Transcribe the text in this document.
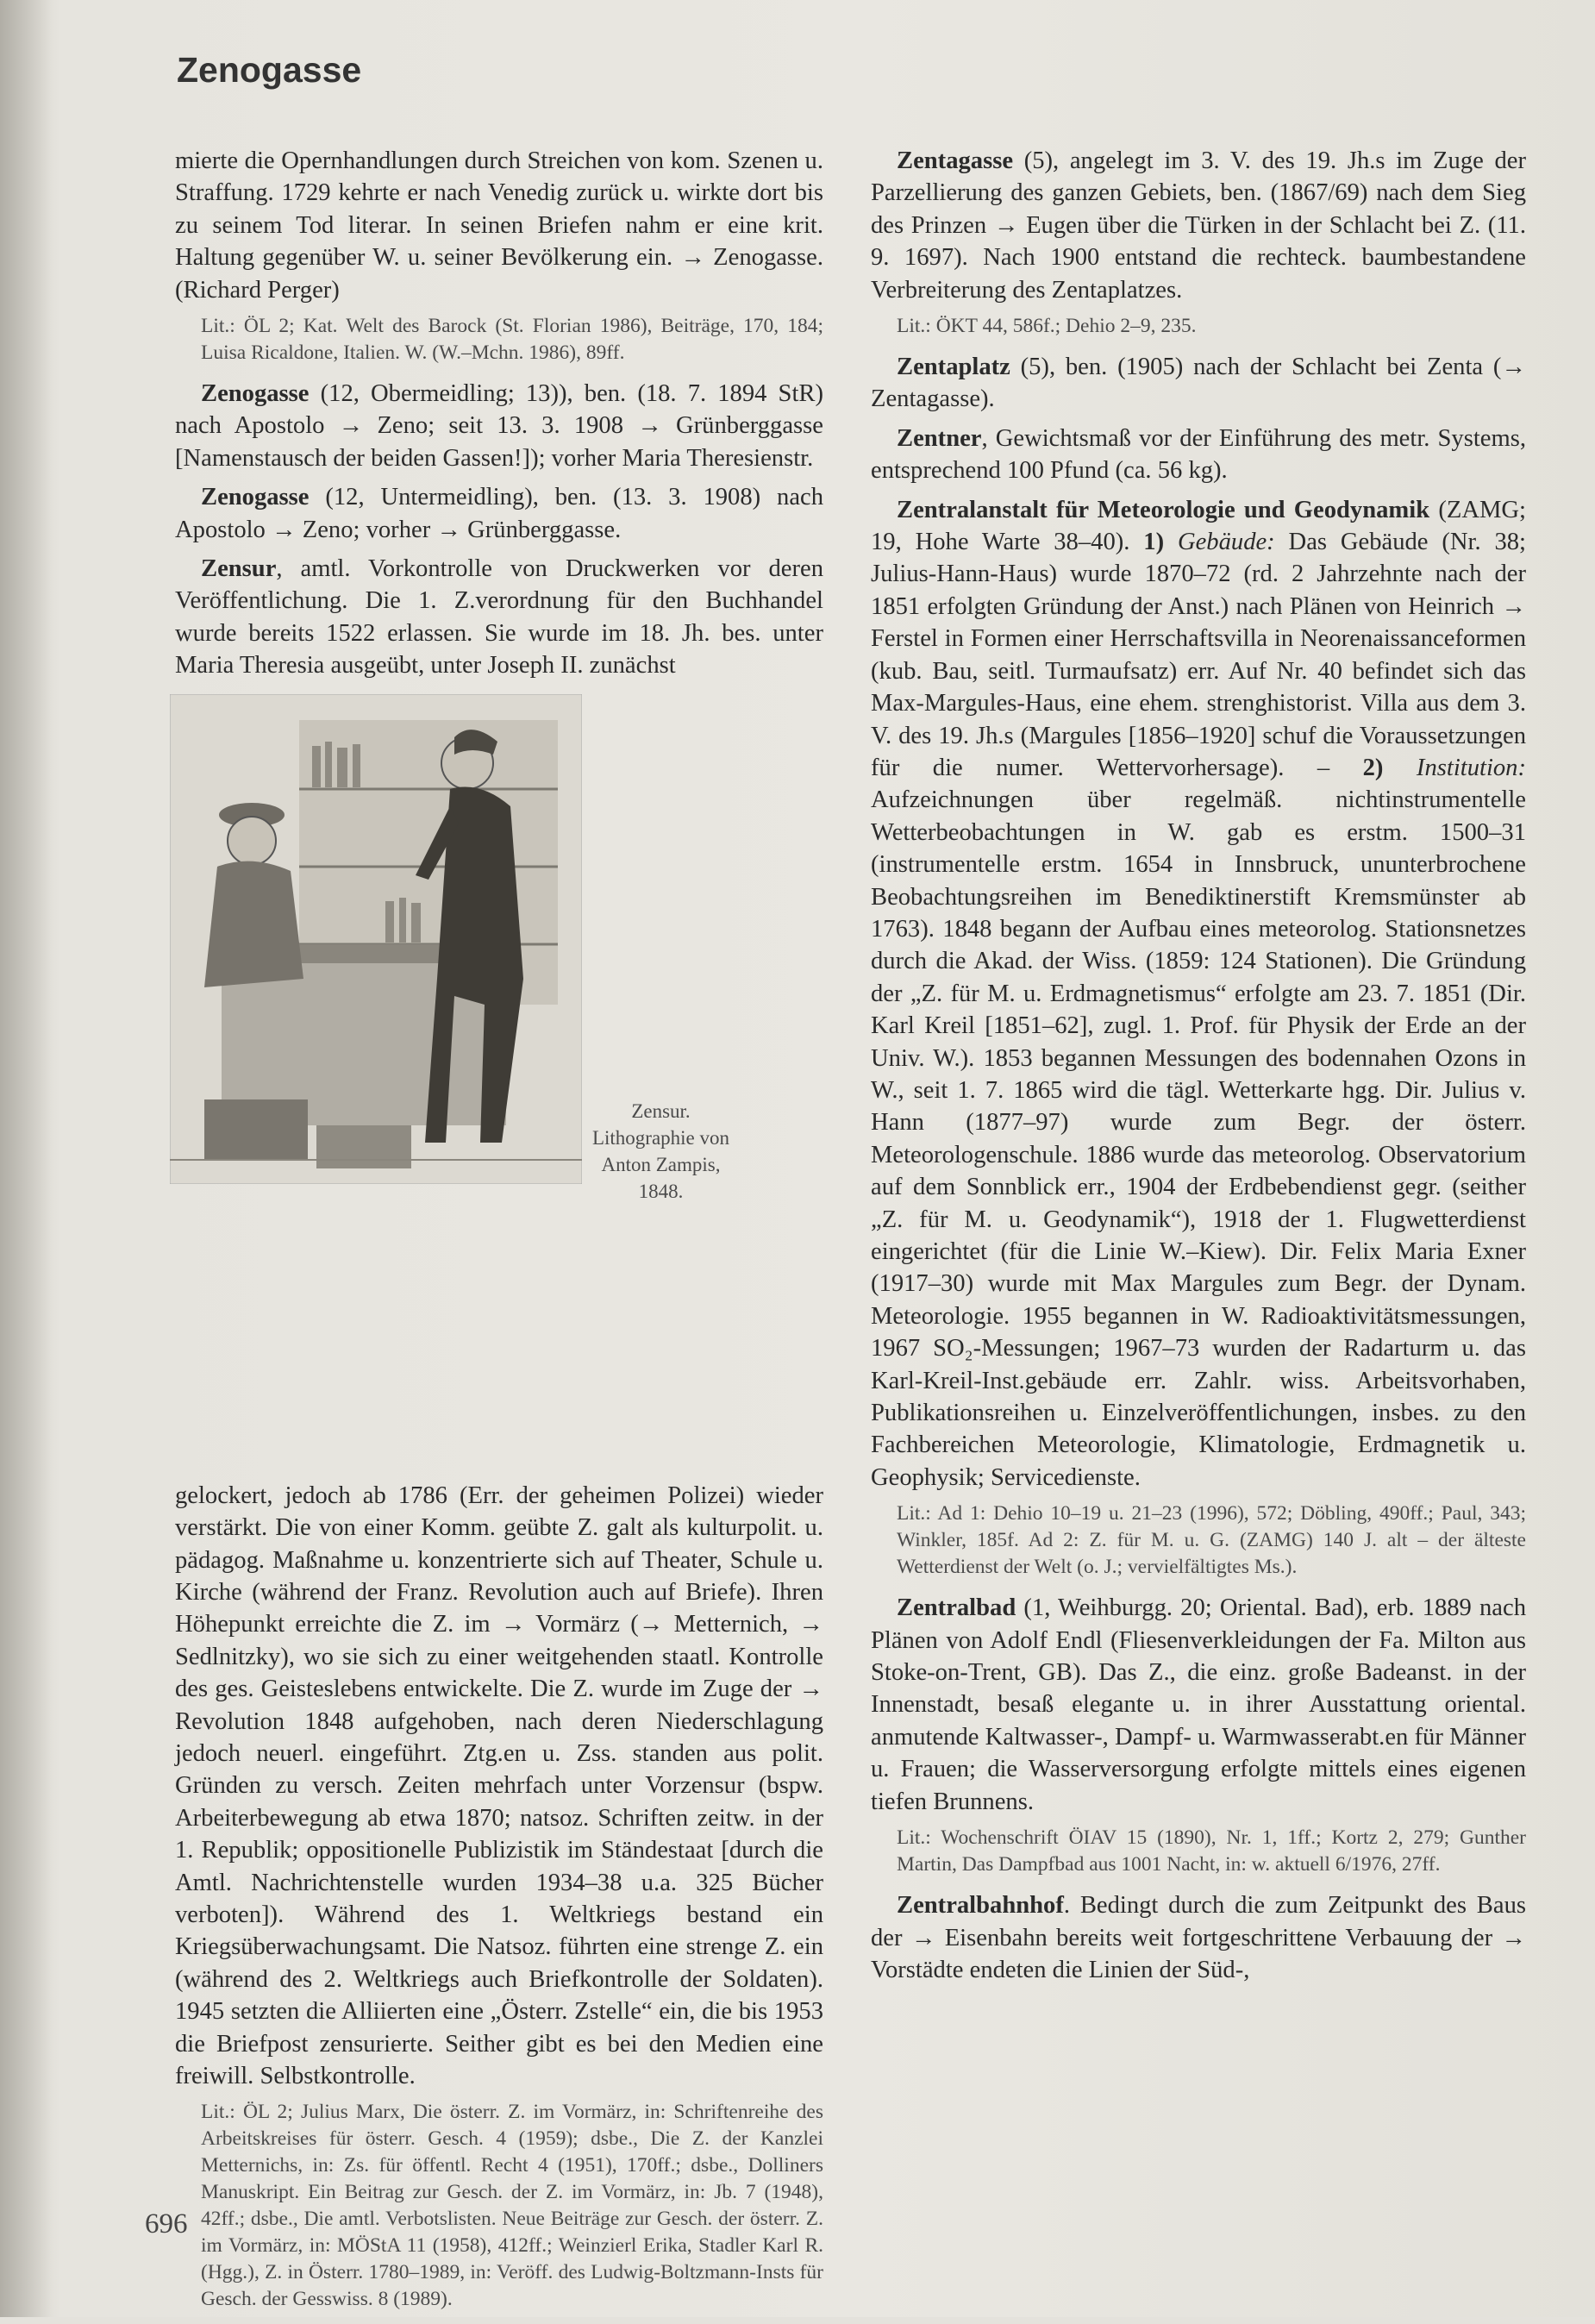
Zenogasse

mierte die Opernhandlungen durch Streichen von kom. Szenen u. Straffung. 1729 kehrte er nach Venedig zurück u. wirkte dort bis zu seinem Tod literar. In seinen Briefen nahm er eine krit. Haltung gegenüber W. u. seiner Bevölkerung ein. → Zenogasse. (Richard Perger)

Lit.: ÖL 2; Kat. Welt des Barock (St. Florian 1986), Beiträge, 170, 184; Luisa Ricaldone, Italien. W. (W.–Mchn. 1986), 89ff.

Zenogasse (12, Obermeidling; 13)), ben. (18. 7. 1894 StR) nach Apostolo → Zeno; seit 13. 3. 1908 → Grünberggasse [Namenstausch der beiden Gassen!]); vorher Maria Theresienstr.

Zenogasse (12, Untermeidling), ben. (13. 3. 1908) nach Apostolo → Zeno; vorher → Grünberggasse.

Zensur, amtl. Vorkontrolle von Druckwerken vor deren Veröffentlichung. Die 1. Z.verordnung für den Buchhandel wurde bereits 1522 erlassen. Sie wurde im 18. Jh. bes. unter Maria Theresia ausgeübt, unter Joseph II. zunächst

Zensur. Lithographie von Anton Zampis, 1848.

gelockert, jedoch ab 1786 (Err. der geheimen Polizei) wieder verstärkt. Die von einer Komm. geübte Z. galt als kulturpolit. u. pädagog. Maßnahme u. konzentrierte sich auf Theater, Schule u. Kirche (während der Franz. Revolution auch auf Briefe). Ihren Höhepunkt erreichte die Z. im → Vormärz (→ Metternich, → Sedlnitzky), wo sie sich zu einer weitgehenden staatl. Kontrolle des ges. Geisteslebens entwickelte. Die Z. wurde im Zuge der → Revolution 1848 aufgehoben, nach deren Niederschlagung jedoch neuerl. eingeführt. Ztg.en u. Zss. standen aus polit. Gründen zu versch. Zeiten mehrfach unter Vorzensur (bspw. Arbeiterbewegung ab etwa 1870; natsoz. Schriften zeitw. in der 1. Republik; oppositionelle Publizistik im Ständestaat [durch die Amtl. Nachrichtenstelle wurden 1934–38 u.a. 325 Bücher verboten]). Während des 1. Weltkriegs bestand ein Kriegsüberwachungsamt. Die Natsoz. führten eine strenge Z. ein (während des 2. Weltkriegs auch Briefkontrolle der Soldaten). 1945 setzten die Alliierten eine „Österr. Zstelle“ ein, die bis 1953 die Briefpost zensurierte. Seither gibt es bei den Medien eine freiwill. Selbstkontrolle.

Lit.: ÖL 2; Julius Marx, Die österr. Z. im Vormärz, in: Schriftenreihe des Arbeitskreises für österr. Gesch. 4 (1959); dsbe., Die Z. der Kanzlei Metternichs, in: Zs. für öffentl. Recht 4 (1951), 170ff.; dsbe., Dolliners Manuskript. Ein Beitrag zur Gesch. der Z. im Vormärz, in: Jb. 7 (1948), 42ff.; dsbe., Die amtl. Verbotslisten. Neue Beiträge zur Gesch. der österr. Z. im Vormärz, in: MÖStA 11 (1958), 412ff.; Weinzierl Erika, Stadler Karl R. (Hgg.), Z. in Österr. 1780–1989, in: Veröff. des Ludwig-Boltzmann-Insts für Gesch. der Gesswiss. 8 (1989).

Zentagasse (5), angelegt im 3. V. des 19. Jh.s im Zuge der Parzellierung des ganzen Gebiets, ben. (1867/69) nach dem Sieg des Prinzen → Eugen über die Türken in der Schlacht bei Z. (11. 9. 1697). Nach 1900 entstand die rechteck. baumbestandene Verbreiterung des Zentaplatzes.

Lit.: ÖKT 44, 586f.; Dehio 2–9, 235.

Zentaplatz (5), ben. (1905) nach der Schlacht bei Zenta (→ Zentagasse).

Zentner, Gewichtsmaß vor der Einführung des metr. Systems, entsprechend 100 Pfund (ca. 56 kg).

Zentralanstalt für Meteorologie und Geodynamik (ZAMG; 19, Hohe Warte 38–40). 1) Gebäude: Das Gebäude (Nr. 38; Julius-Hann-Haus) wurde 1870–72 (rd. 2 Jahrzehnte nach der 1851 erfolgten Gründung der Anst.) nach Plänen von Heinrich → Ferstel in Formen einer Herrschaftsvilla in Neorenaissanceformen (kub. Bau, seitl. Turmaufsatz) err. Auf Nr. 40 befindet sich das Max-Margules-Haus, eine ehem. strenghistorist. Villa aus dem 3. V. des 19. Jh.s (Margules [1856–1920] schuf die Voraussetzungen für die numer. Wettervorhersage). – 2) Institution: Aufzeichnungen über regelmäß. nichtinstrumentelle Wetterbeobachtungen in W. gab es erstm. 1500–31 (instrumentelle erstm. 1654 in Innsbruck, ununterbrochene Beobachtungsreihen im Benediktinerstift Kremsmünster ab 1763). 1848 begann der Aufbau eines meteorolog. Stationsnetzes durch die Akad. der Wiss. (1859: 124 Stationen). Die Gründung der „Z. für M. u. Erdmagnetismus“ erfolgte am 23. 7. 1851 (Dir. Karl Kreil [1851–62], zugl. 1. Prof. für Physik der Erde an der Univ. W.). 1853 begannen Messungen des bodennahen Ozons in W., seit 1. 7. 1865 wird die tägl. Wetterkarte hgg. Dir. Julius v. Hann (1877–97) wurde zum Begr. der österr. Meteorologenschule. 1886 wurde das meteorolog. Observatorium auf dem Sonnblick err., 1904 der Erdbebendienst gegr. (seither „Z. für M. u. Geodynamik“), 1918 der 1. Flugwetterdienst eingerichtet (für die Linie W.–Kiew). Dir. Felix Maria Exner (1917–30) wurde mit Max Margules zum Begr. der Dynam. Meteorologie. 1955 begannen in W. Radioaktivitätsmessungen, 1967 SO₂-Messungen; 1967–73 wurden der Radarturm u. das Karl-Kreil-Inst.gebäude err. Zahlr. wiss. Arbeitsvorhaben, Publikationsreihen u. Einzelveröffentlichungen, insbes. zu den Fachbereichen Meteorologie, Klimatologie, Erdmagnetik u. Geophysik; Servicedienste.

Lit.: Ad 1: Dehio 10–19 u. 21–23 (1996), 572; Döbling, 490ff.; Paul, 343; Winkler, 185f. Ad 2: Z. für M. u. G. (ZAMG) 140 J. alt – der älteste Wetterdienst der Welt (o. J.; vervielfältigtes Ms.).

Zentralbad (1, Weihburgg. 20; Oriental. Bad), erb. 1889 nach Plänen von Adolf Endl (Fliesenverkleidungen der Fa. Milton aus Stoke-on-Trent, GB). Das Z., die einz. große Badeanst. in der Innenstadt, besaß elegante u. in ihrer Ausstattung oriental. anmutende Kaltwasser-, Dampf- u. Warmwasserabt.en für Männer u. Frauen; die Wasserversorgung erfolgte mittels eines eigenen tiefen Brunnens.

Lit.: Wochenschrift ÖIAV 15 (1890), Nr. 1, 1ff.; Kortz 2, 279; Gunther Martin, Das Dampfbad aus 1001 Nacht, in: w. aktuell 6/1976, 27ff.

Zentralbahnhof. Bedingt durch die zum Zeitpunkt des Baus der → Eisenbahn bereits weit fortgeschrittene Verbauung der → Vorstädte endeten die Linien der Süd-,

696
